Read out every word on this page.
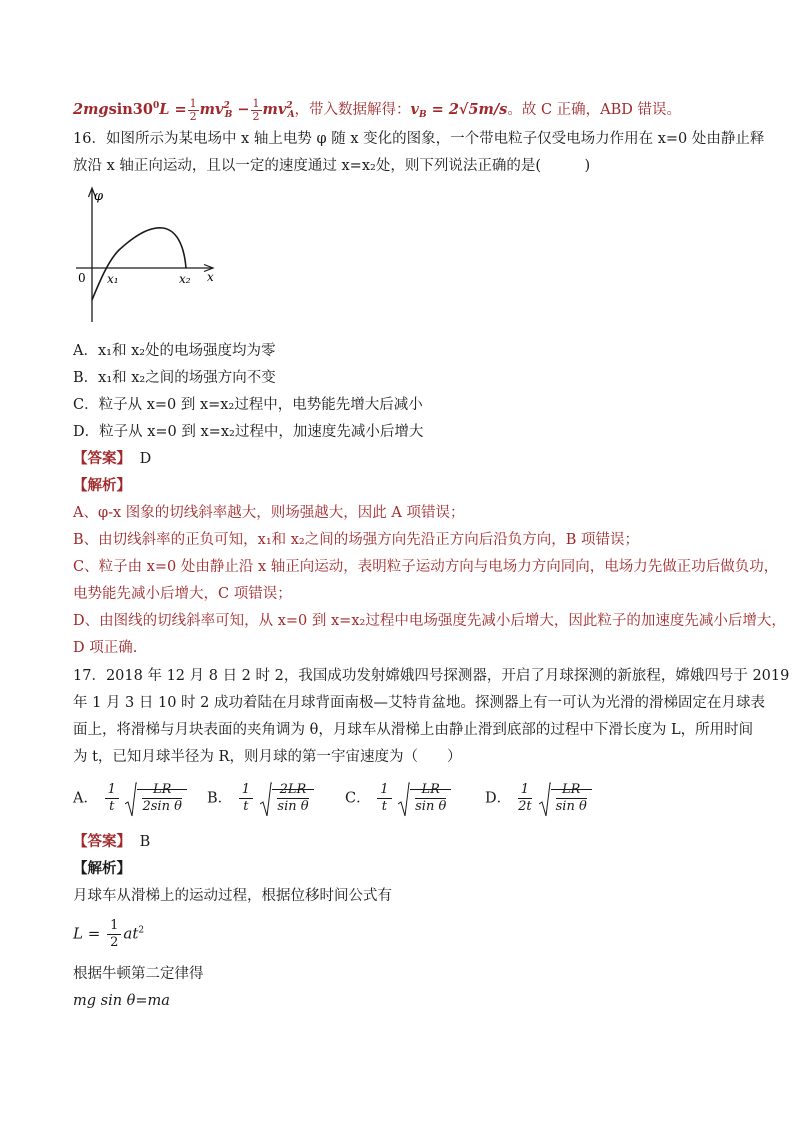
$2mgsin30^0L = \frac{1}{2} mv^2_B - \frac{1}{2} mv^2_A$，带入数据解得：$v_B = 2√5m/s$。故 C 正确，ABD 错误。
16．如图所示为某电场中 x 轴上电势 φ 随 x 变化的图象，一个带电粒子仅受电场力作用在 x=0 处由静止释
放沿 x 轴正向运动，且以一定的速度通过 x=x₂处，则下列说法正确的是(　　　)
φ
0 x₁	x₂ x
A．x₁和 x₂处的电场强度均为零
B．x₁和 x₂之间的场强方向不变
C．粒子从 x=0 到 x=x₂过程中，电势能先增大后减小
D．粒子从 x=0 到 x=x₂过程中，加速度先减小后增大
【答案】 D
【解析】
A、φ-x 图象的切线斜率越大，则场强越大，因此 A 项错误；
B、由切线斜率的正负可知，x₁和 x₂之间的场强方向先沿正方向后沿负方向，B 项错误；
C、粒子由 x=0 处由静止沿 x 轴正向运动，表明粒子运动方向与电场力方向同向，电场力先做正功后做负功，
电势能先减小后增大，C 项错误；
D、由图线的切线斜率可知，从 x=0 到 x=x₂过程中电场强度先减小后增大，因此粒子的加速度先减小后增大，
D 项正确.
17．2018 年 12 月 8 日 2 时 2，我国成功发射嫦娥四号探测器，开启了月球探测的新旅程，嫦娥四号于 2019
年 1 月 3 日 10 时 2 成功着陆在月球背面南极—艾特肯盆地。探测器上有一可认为光滑的滑梯固定在月球表
面上，将滑梯与月块表面的夹角调为 θ，月球车从滑梯上由静止滑到底部的过程中下滑长度为 L，所用时间
为 t，已知月球半径为 R，则月球的第一宇宙速度为（　　）
A． $\frac{1}{t}$
$\frac{LR}{\text{2sin θ}}$ B． $\frac{1}{t}$
$\frac{2LR}{\text{sin θ}}$ C． $\frac{1}{t}$
$\frac{LR}{\text{sin θ}}$	D． $\frac{1}{2t}$
$\frac{LR}{\text{sin θ}}$
【答案】 B
【解析】
月球车从滑梯上的运动过程，根据位移时间公式有
$L = \frac{1}{2} at^2$
根据牛顿第二定律得
mg sin θ=ma
